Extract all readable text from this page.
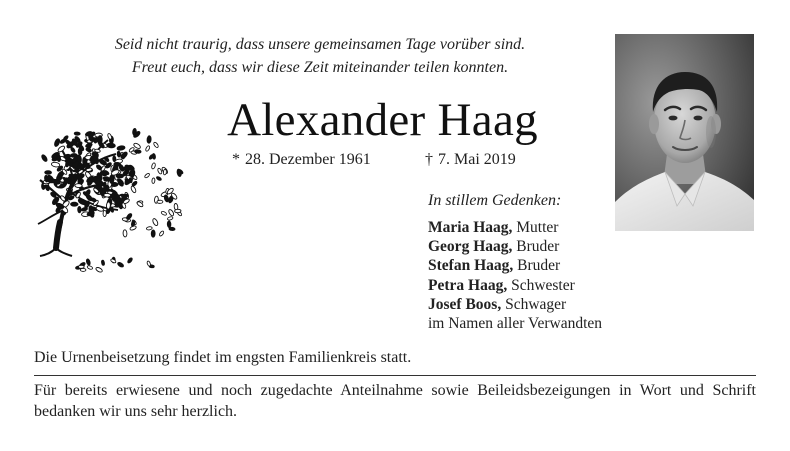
Seid nicht traurig, dass unsere gemeinsamen Tage vorüber sind.
Freut euch, dass wir diese Zeit miteinander teilen konnten.
Alexander Haag
* 28. Dezember 1961	† 7. Mai 2019
In stillem Gedenken:
Maria Haag, Mutter
Georg Haag, Bruder
Stefan Haag, Bruder
Petra Haag, Schwester
Josef Boos, Schwager
im Namen aller Verwandten
Die Urnenbeisetzung findet im engsten Familienkreis statt.
Für bereits erwiesene und noch zugedachte Anteilnahme sowie Beileidsbezeigungen in Wort und Schrift bedanken wir uns sehr herzlich.
